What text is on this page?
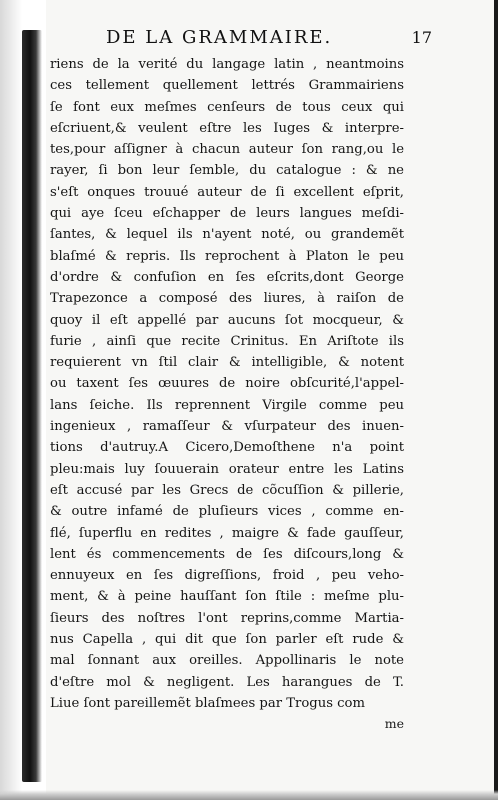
DE LA GRAMMAIRE.	17
riens de la verité du langage latin , neantmoins
ces tellement quellement lettrés Grammairiens
ſe font eux meſmes cenſeurs de tous ceux qui
eſcriuent,& veulent eſtre les Iuges & interpre-
tes,pour aſſigner à chacun auteur ſon rang,ou le
rayer, ſi bon leur ſemble, du catalogue : & ne
s'eſt onques trouué auteur de ſi excellent eſprit,
qui aye ſceu eſchapper de leurs langues meſdi-
ſantes, & lequel ils n'ayent noté, ou grandemẽt
blaſmé & repris. Ils reprochent à Platon le peu
d'ordre & confuſion en ſes eſcrits,dont George
Trapezonce a composé des liures, à raiſon de
quoy il eſt appellé par aucuns ſot mocqueur, &
furie , ainſi que recite Crinitus. En Ariſtote ils
requierent vn ſtil clair & intelligible, & notent
ou taxent ſes œuures de noire obſcurité,l'appel-
lans ſeiche. Ils reprennent Virgile comme peu
ingenieux , ramaſſeur & vſurpateur des inuen-
tions d'autruy.A Cicero,Demoſthene n'a point
pleu:mais luy ſouuerain orateur entre les Latins
eſt accusé par les Grecs de cõcuſſion & pillerie,
& outre infamé de pluſieurs vices , comme en-
flé, ſuperflu en redites , maigre & fade gauſſeur,
lent és commencements de ſes diſcours,long &
ennuyeux en ſes digreſſions, froid , peu veho-
ment, & à peine hauſſant ſon ſtile : meſme plu-
ſieurs des noſtres l'ont reprins,comme Martia-
nus Capella , qui dit que ſon parler eſt rude &
mal ſonnant aux oreilles. Appollinaris le note
d'eſtre mol & negligent. Les harangues de T.
Liue ſont pareillemẽt blaſmees par Trogus com
me
